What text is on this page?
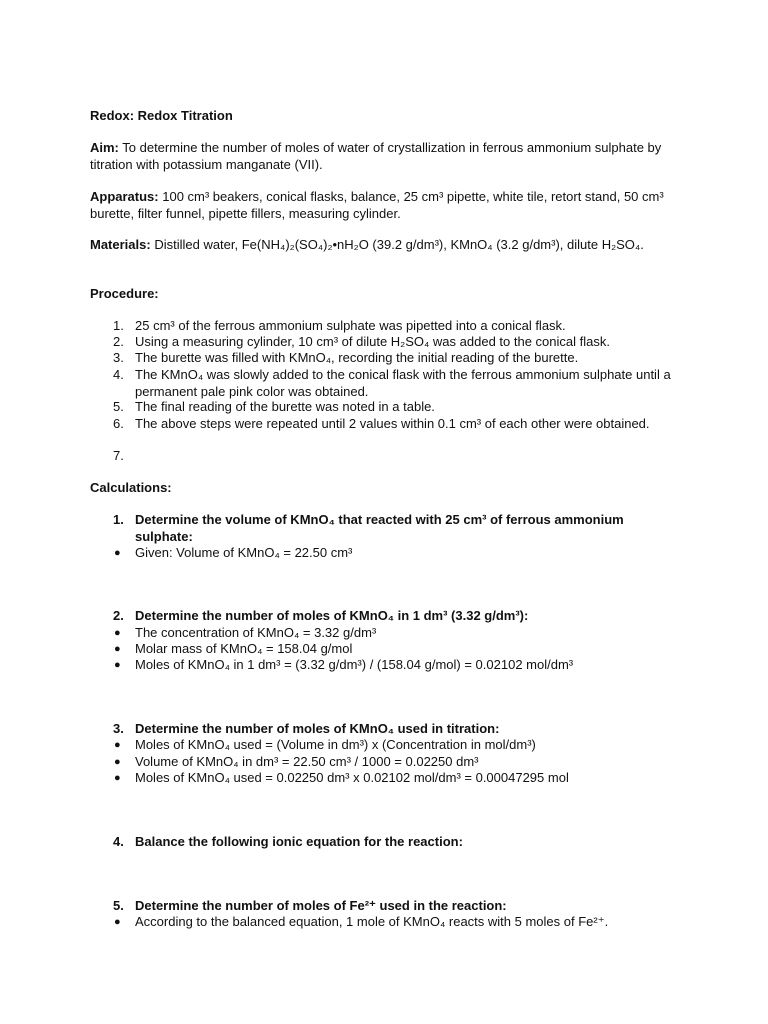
Redox: Redox Titration
Aim: To determine the number of moles of water of crystallization in ferrous ammonium sulphate by titration with potassium manganate (VII).
Apparatus: 100 cm³ beakers, conical flasks, balance, 25 cm³ pipette, white tile, retort stand, 50 cm³ burette, filter funnel, pipette fillers, measuring cylinder.
Materials: Distilled water, Fe(NH₄)₂(SO₄)₂•nH₂O (39.2 g/dm³), KMnO₄ (3.2 g/dm³), dilute H₂SO₄.
Procedure:
1. 25 cm³ of the ferrous ammonium sulphate was pipetted into a conical flask.
2. Using a measuring cylinder, 10 cm³ of dilute H₂SO₄ was added to the conical flask.
3. The burette was filled with KMnO₄, recording the initial reading of the burette.
4. The KMnO₄ was slowly added to the conical flask with the ferrous ammonium sulphate until a permanent pale pink color was obtained.
5. The final reading of the burette was noted in a table.
6. The above steps were repeated until 2 values within 0.1 cm³ of each other were obtained.
7.
Calculations:
1. Determine the volume of KMnO₄ that reacted with 25 cm³ of ferrous ammonium sulphate:
● Given: Volume of KMnO₄ = 22.50 cm³
2. Determine the number of moles of KMnO₄ in 1 dm³ (3.32 g/dm³):
● The concentration of KMnO₄ = 3.32 g/dm³
● Molar mass of KMnO₄ = 158.04 g/mol
● Moles of KMnO₄ in 1 dm³ = (3.32 g/dm³) / (158.04 g/mol) = 0.02102 mol/dm³
3. Determine the number of moles of KMnO₄ used in titration:
● Moles of KMnO₄ used = (Volume in dm³) x (Concentration in mol/dm³)
● Volume of KMnO₄ in dm³ = 22.50 cm³ / 1000 = 0.02250 dm³
● Moles of KMnO₄ used = 0.02250 dm³ x 0.02102 mol/dm³ = 0.00047295 mol
4. Balance the following ionic equation for the reaction:
5. Determine the number of moles of Fe²⁺ used in the reaction:
● According to the balanced equation, 1 mole of KMnO₄ reacts with 5 moles of Fe²⁺.
